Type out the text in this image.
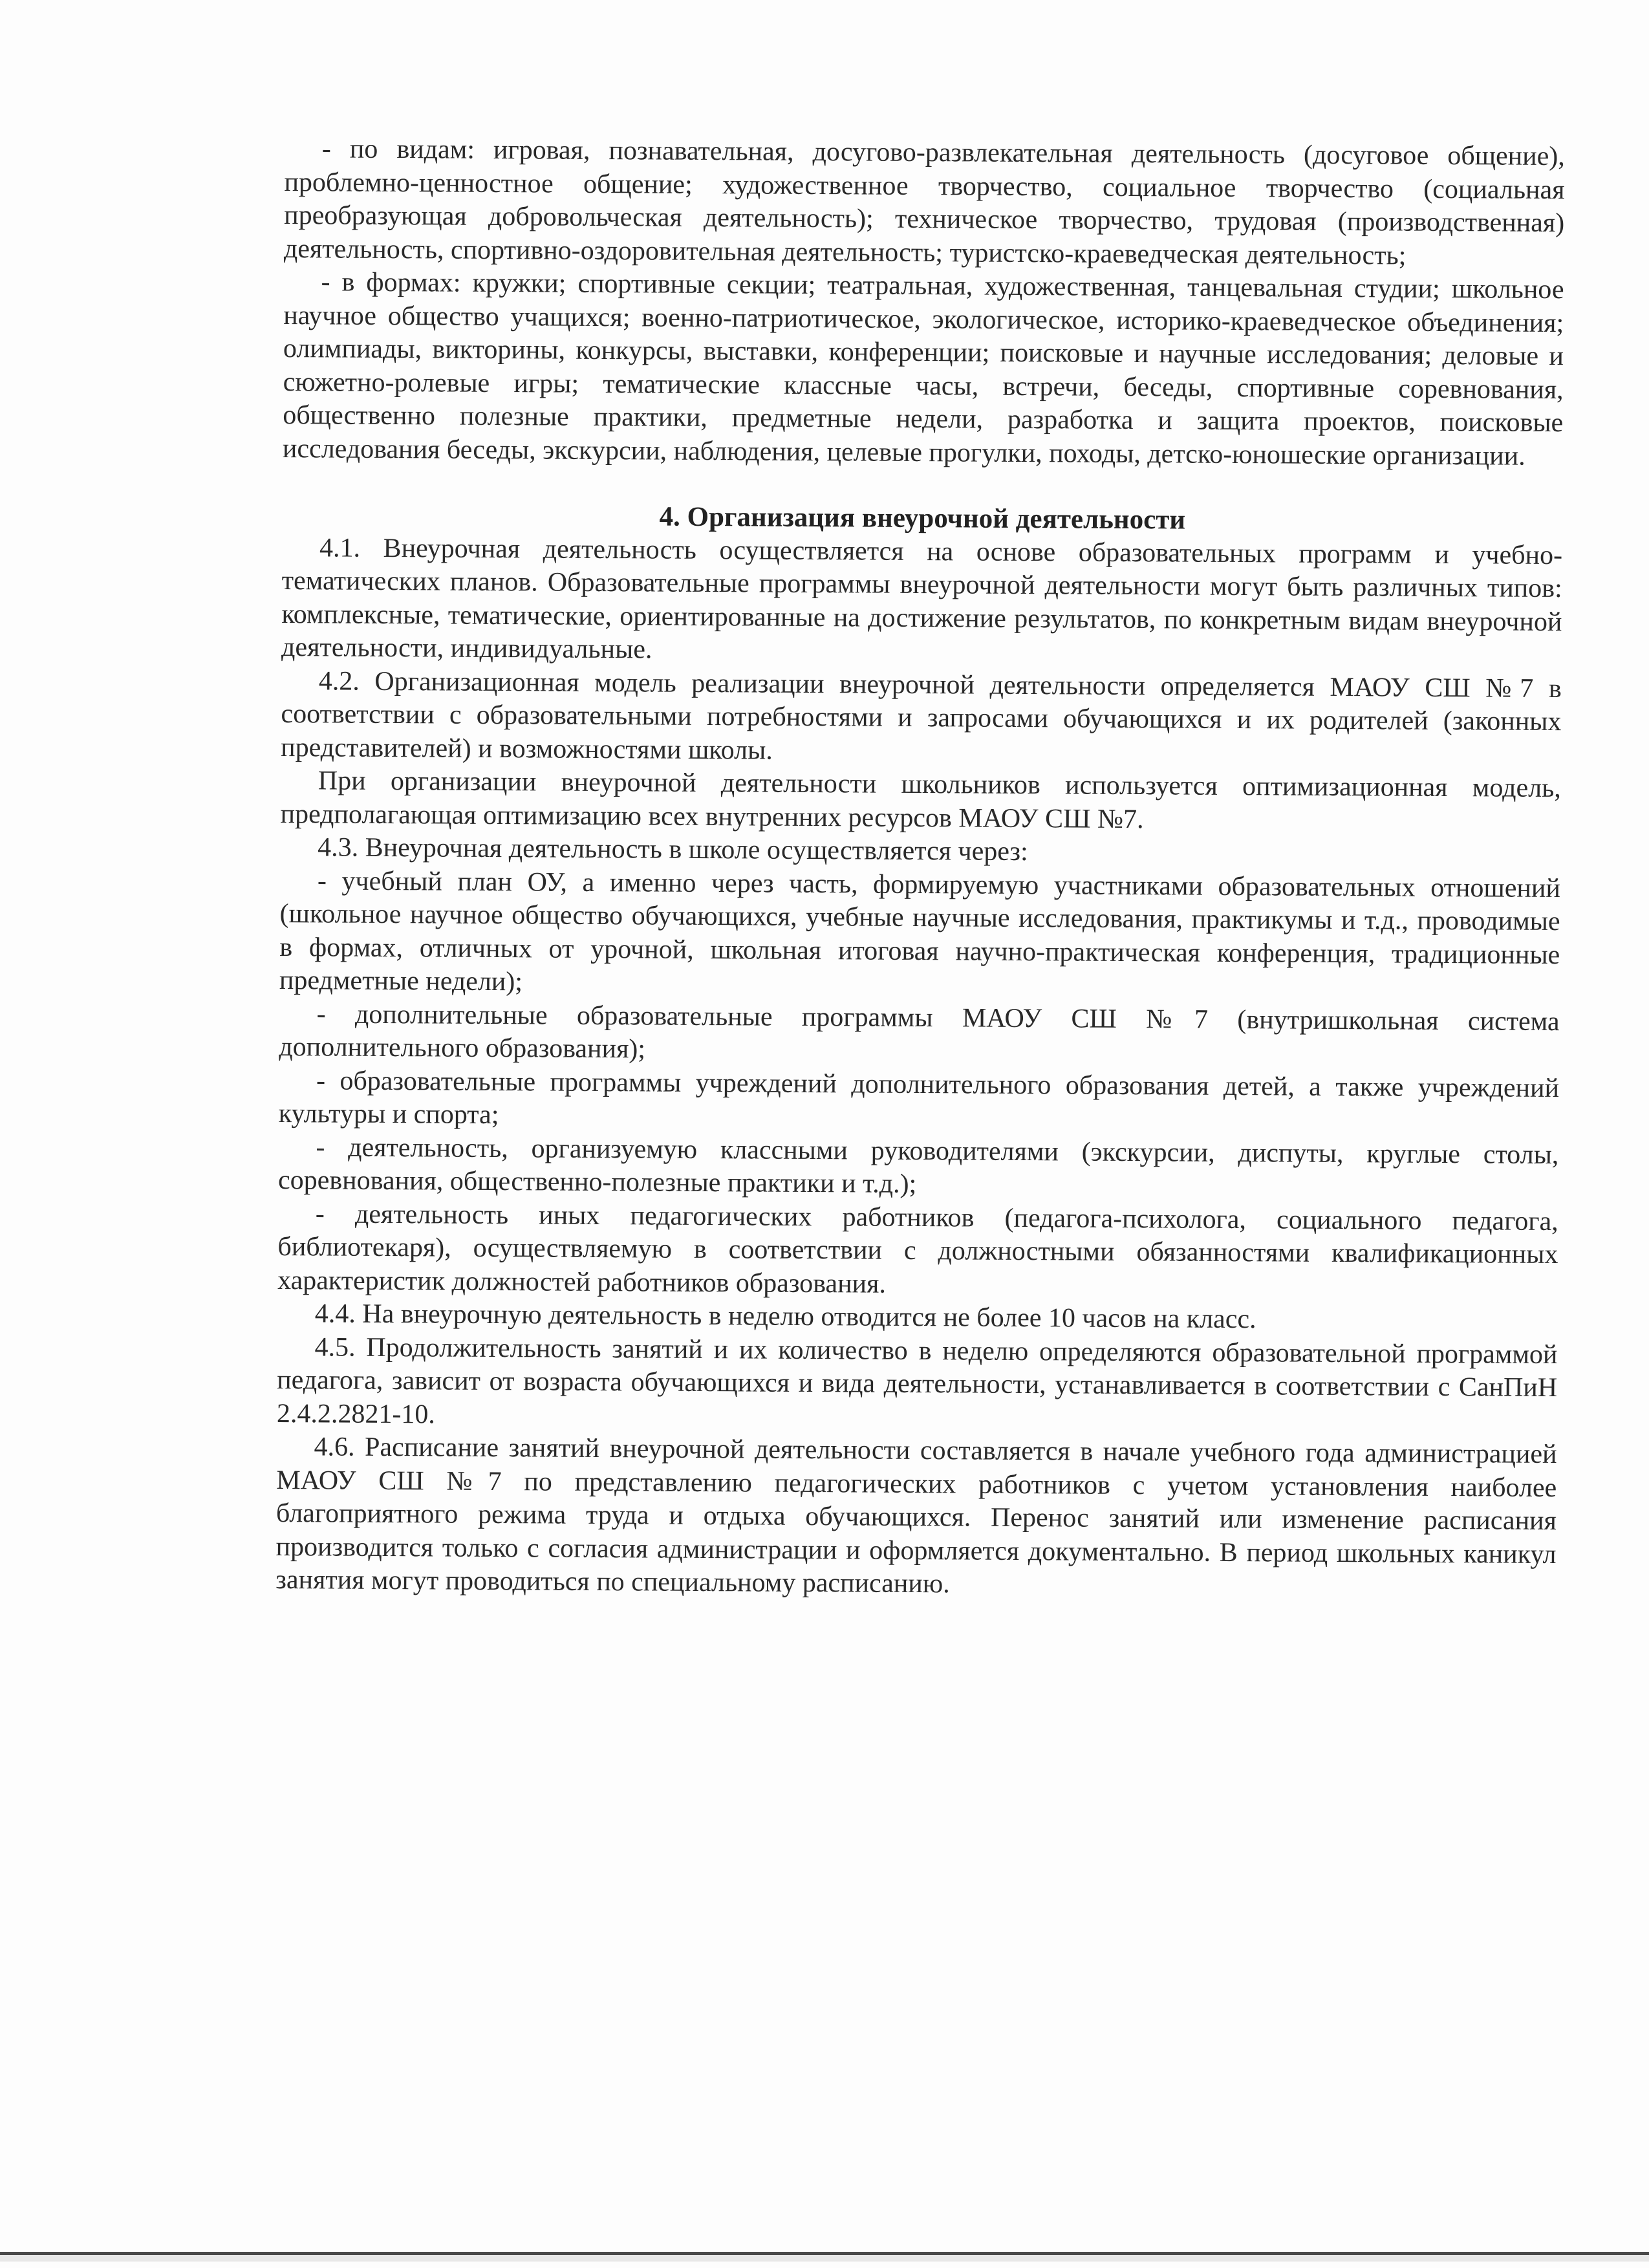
- по видам: игровая, познавательная, досугово-развлекательная деятельность (досуговое общение), проблемно-ценностное общение; художественное творчество, социальное творчество (социальная преобразующая добровольческая деятельность); техническое творчество, трудовая (производственная) деятельность, спортивно-оздоровительная деятельность; туристско-краеведческая деятельность;

- в формах: кружки; спортивные секции; театральная, художественная, танцевальная студии; школьное научное общество учащихся; военно-патриотическое, экологическое, историко-краеведческое объединения; олимпиады, викторины, конкурсы, выставки, конференции; поисковые и научные исследования; деловые и сюжетно-ролевые игры; тематические классные часы, встречи, беседы, спортивные соревнования, общественно полезные практики, предметные недели, разработка и защита проектов, поисковые исследования беседы, экскурсии, наблюдения, целевые прогулки, походы, детско-юношеские организации.

4. Организация внеурочной деятельности

4.1. Внеурочная деятельность осуществляется на основе образовательных программ и учебно-тематических планов. Образовательные программы внеурочной деятельности могут быть различных типов: комплексные, тематические, ориентированные на достижение результатов, по конкретным видам внеурочной деятельности, индивидуальные.

4.2. Организационная модель реализации внеурочной деятельности определяется МАОУ СШ №7 в соответствии с образовательными потребностями и запросами обучающихся и их родителей (законных представителей) и возможностями школы.

При организации внеурочной деятельности школьников используется оптимизационная модель, предполагающая оптимизацию всех внутренних ресурсов МАОУ СШ №7.

4.3. Внеурочная деятельность в школе осуществляется через:

- учебный план ОУ, а именно через часть, формируемую участниками образовательных отношений (школьное научное общество обучающихся, учебные научные исследования, практикумы и т.д., проводимые в формах, отличных от урочной, школьная итоговая научно-практическая конференция, традиционные предметные недели);

- дополнительные образовательные программы МАОУ СШ №7 (внутришкольная система дополнительного образования);

- образовательные программы учреждений дополнительного образования детей, а также учреждений культуры и спорта;

- деятельность, организуемую классными руководителями (экскурсии, диспуты, круглые столы, соревнования, общественно-полезные практики и т.д.);

- деятельность иных педагогических работников (педагога-психолога, социального педагога, библиотекаря), осуществляемую в соответствии с должностными обязанностями квалификационных характеристик должностей работников образования.

4.4. На внеурочную деятельность в неделю отводится не более 10 часов на класс.

4.5. Продолжительность занятий и их количество в неделю определяются образовательной программой педагога, зависит от возраста обучающихся и вида деятельности, устанавливается в соответствии с СанПиН 2.4.2.2821-10.

4.6. Расписание занятий внеурочной деятельности составляется в начале учебного года администрацией МАОУ СШ №7 по представлению педагогических работников с учетом установления наиболее благоприятного режима труда и отдыха обучающихся. Перенос занятий или изменение расписания производится только с согласия администрации и оформляется документально. В период школьных каникул занятия могут проводиться по специальному расписанию.
